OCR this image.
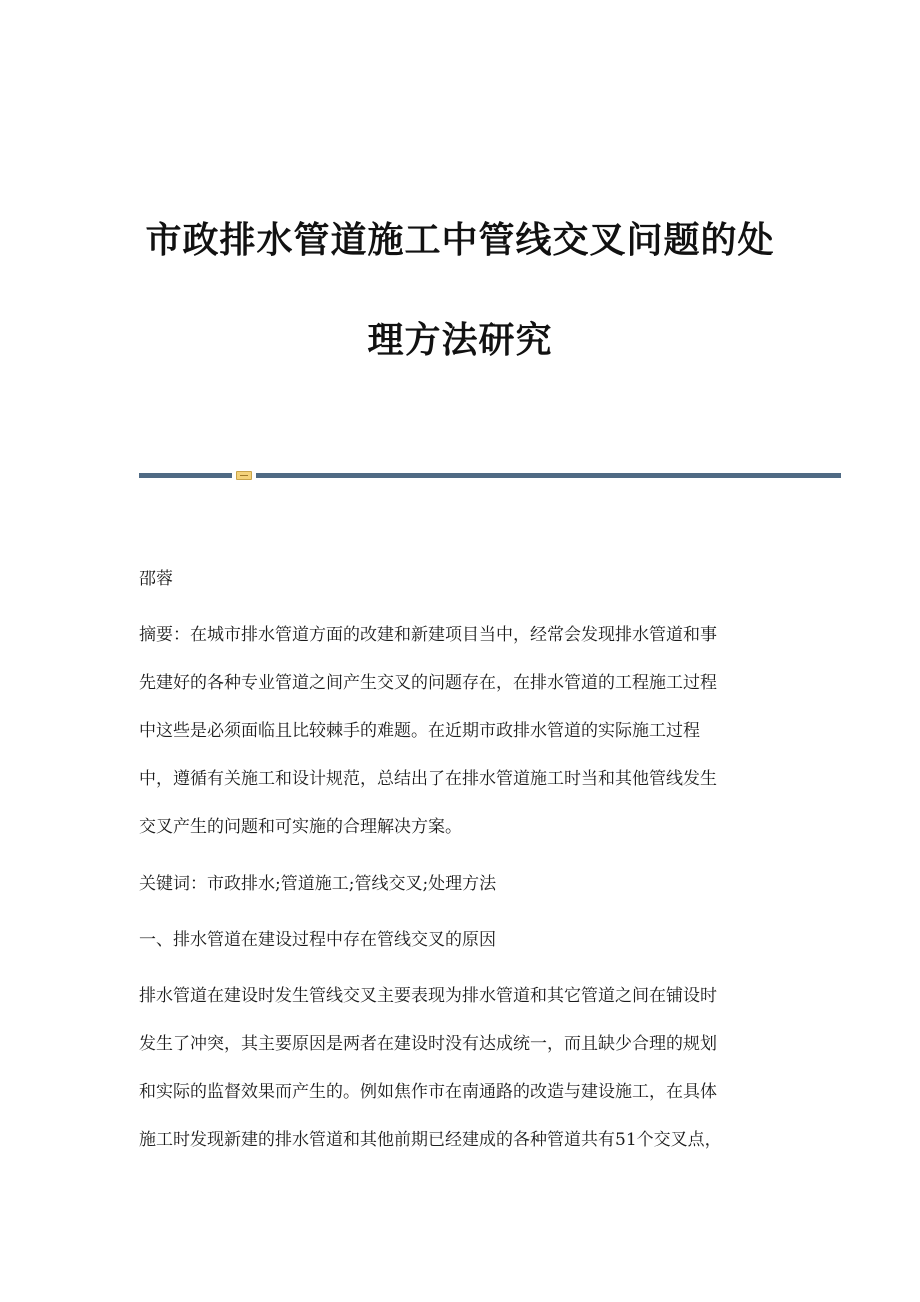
市政排水管道施工中管线交叉问题的处
理方法研究

邵蓉

摘要：在城市排水管道方面的改建和新建项目当中，经常会发现排水管道和事

先建好的各种专业管道之间产生交叉的问题存在，在排水管道的工程施工过程

中这些是必须面临且比较棘手的难题。在近期市政排水管道的实际施工过程

中，遵循有关施工和设计规范，总结出了在排水管道施工时当和其他管线发生

交叉产生的问题和可实施的合理解决方案。

关键词：市政排水;管道施工;管线交叉;处理方法

一、排水管道在建设过程中存在管线交叉的原因

排水管道在建设时发生管线交叉主要表现为排水管道和其它管道之间在铺设时

发生了冲突，其主要原因是两者在建设时没有达成统一，而且缺少合理的规划

和实际的监督效果而产生的。例如焦作市在南通路的改造与建设施工，在具体

施工时发现新建的排水管道和其他前期已经建成的各种管道共有51个交叉点，
